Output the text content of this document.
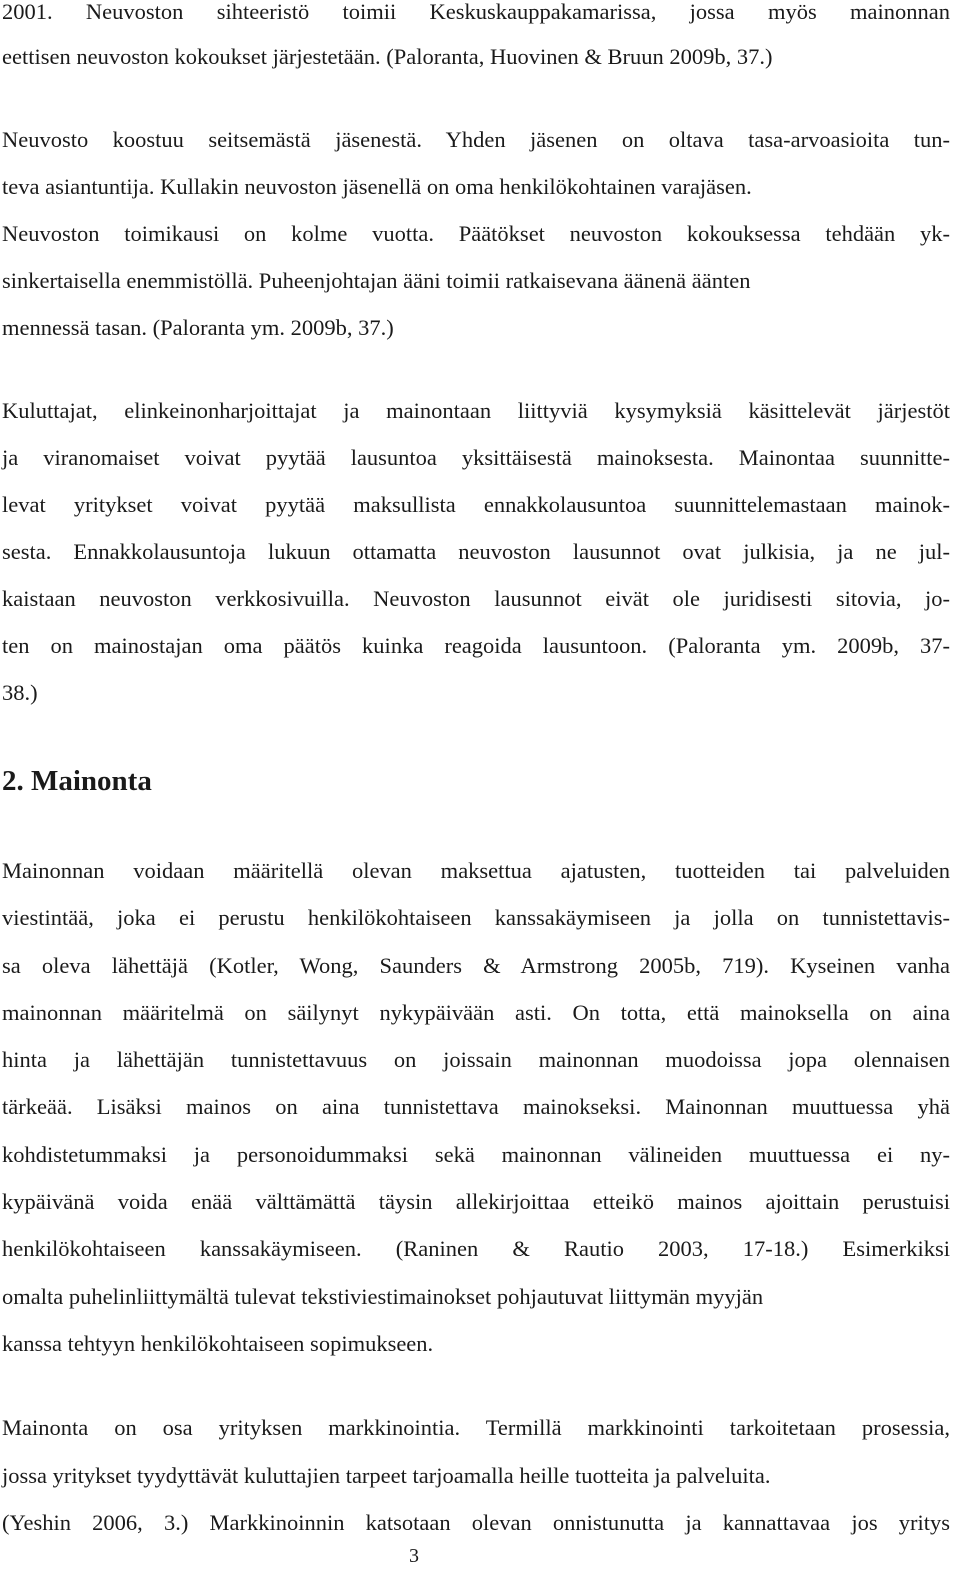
2001. Neuvoston sihteeristö toimii Keskuskauppakamarissa, jossa myös mainonnan

eettisen neuvoston kokoukset järjestetään. (Paloranta, Huovinen & Bruun 2009b, 37.)

Neuvosto koostuu seitsemästä jäsenestä. Yhden jäsenen on oltava tasa-arvoasioita tun-

teva asiantuntija. Kullakin neuvoston jäsenellä on oma henkilökohtainen varajäsen.

Neuvoston toimikausi on kolme vuotta. Päätökset neuvoston kokouksessa tehdään yk-

sinkertaisella enemmistöllä. Puheenjohtajan ääni toimii ratkaisevana äänenä äänten

mennessä tasan. (Paloranta ym. 2009b, 37.)

Kuluttajat, elinkeinonharjoittajat ja mainontaan liittyviä kysymyksiä käsittelevät järjestöt

ja viranomaiset voivat pyytää lausuntoa yksittäisestä mainoksesta. Mainontaa suunnitte-

levat yritykset voivat pyytää maksullista ennakkolausuntoa suunnittelemastaan mainok-

sesta. Ennakkolausuntoja lukuun ottamatta neuvoston lausunnot ovat julkisia, ja ne jul-

kaistaan neuvoston verkkosivuilla. Neuvoston lausunnot eivät ole juridisesti sitovia, jo-

ten on mainostajan oma päätös kuinka reagoida lausuntoon. (Paloranta ym. 2009b, 37-

38.)

2. Mainonta

Mainonnan voidaan määritellä olevan maksettua ajatusten, tuotteiden tai palveluiden

viestintää, joka ei perustu henkilökohtaiseen kanssakäymiseen ja jolla on tunnistettavis-

sa oleva lähettäjä (Kotler, Wong, Saunders & Armstrong 2005b, 719). Kyseinen vanha

mainonnan määritelmä on säilynyt nykypäivään asti. On totta, että mainoksella on aina

hinta ja lähettäjän tunnistettavuus on joissain mainonnan muodoissa jopa olennaisen

tärkeää. Lisäksi mainos on aina tunnistettava mainokseksi. Mainonnan muuttuessa yhä

kohdistetummaksi ja personoidummaksi sekä mainonnan välineiden muuttuessa ei ny-

kypäivänä voida enää välttämättä täysin allekirjoittaa etteikö mainos ajoittain perustuisi

henkilökohtaiseen kanssakäymiseen. (Raninen & Rautio 2003, 17-18.) Esimerkiksi

omalta puhelinliittymältä tulevat tekstiviestimainokset pohjautuvat liittymän myyjän

kanssa tehtyyn henkilökohtaiseen sopimukseen.

Mainonta on osa yrityksen markkinointia. Termillä markkinointi tarkoitetaan prosessia,

jossa yritykset tyydyttävät kuluttajien tarpeet tarjoamalla heille tuotteita ja palveluita.

(Yeshin 2006, 3.) Markkinoinnin katsotaan olevan onnistunutta ja kannattavaa jos yritys

3
